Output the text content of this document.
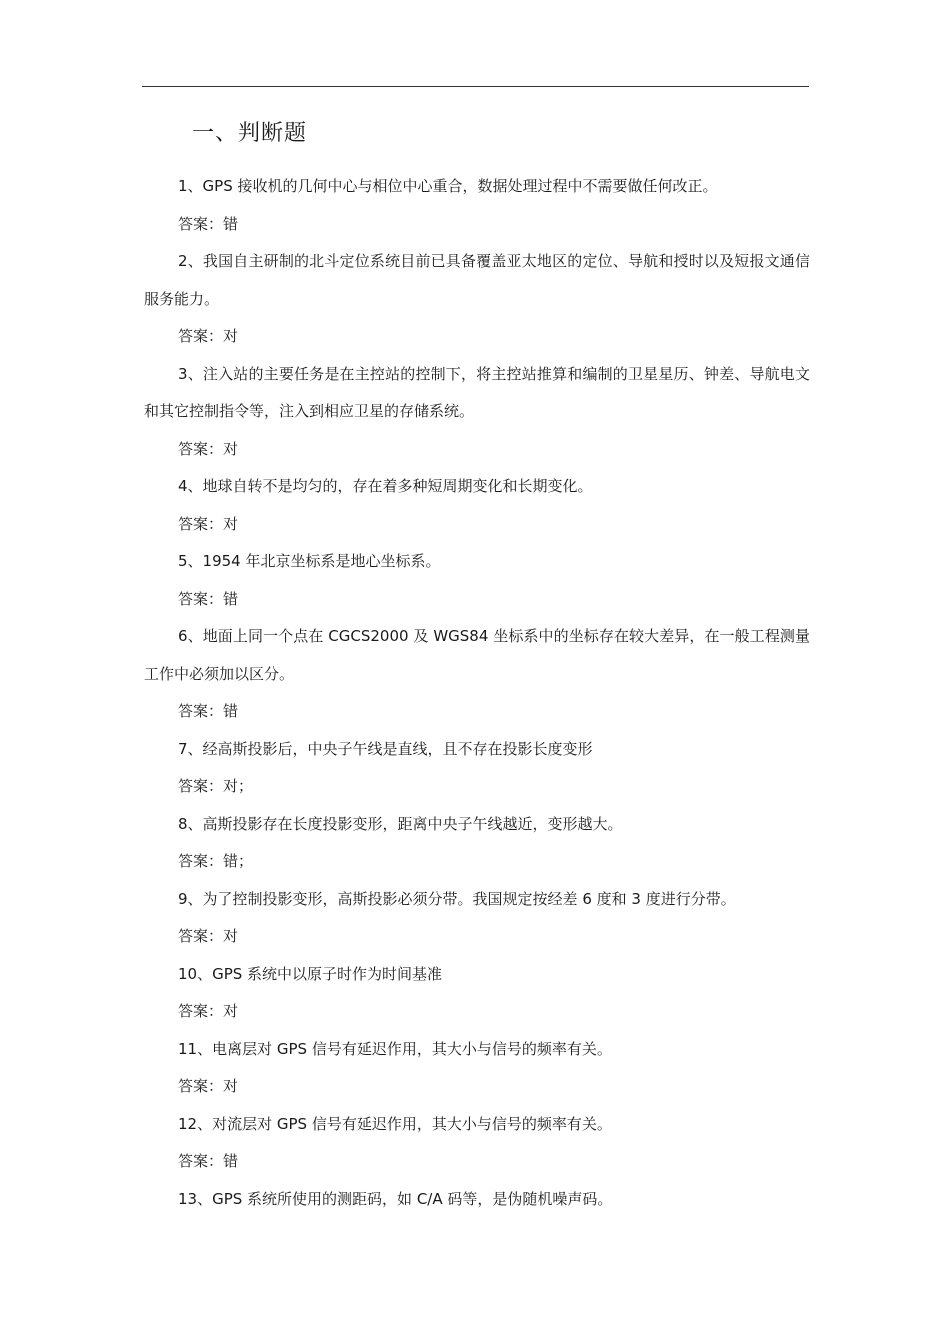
一、判断题

1、GPS 接收机的几何中心与相位中心重合，数据处理过程中不需要做任何改正。

答案：错

2、我国自主研制的北斗定位系统目前已具备覆盖亚太地区的定位、导航和授时以及短报文通信服务能力。

答案：对

3、注入站的主要任务是在主控站的控制下，将主控站推算和编制的卫星星历、钟差、导航电文和其它控制指令等，注入到相应卫星的存储系统。

答案：对

4、地球自转不是均匀的，存在着多种短周期变化和长期变化。

答案：对

5、1954 年北京坐标系是地心坐标系。

答案：错

6、地面上同一个点在 CGCS2000 及 WGS84 坐标系中的坐标存在较大差异，在一般工程测量工作中必须加以区分。

答案：错

7、经高斯投影后，中央子午线是直线，且不存在投影长度变形

答案：对；

8、高斯投影存在长度投影变形，距离中央子午线越近，变形越大。

答案：错；

9、为了控制投影变形，高斯投影必须分带。我国规定按经差 6 度和 3 度进行分带。

答案：对

10、GPS 系统中以原子时作为时间基准

答案：对

11、电离层对 GPS 信号有延迟作用，其大小与信号的频率有关。

答案：对

12、对流层对 GPS 信号有延迟作用，其大小与信号的频率有关。

答案：错

13、GPS 系统所使用的测距码，如 C/A 码等，是伪随机噪声码。
